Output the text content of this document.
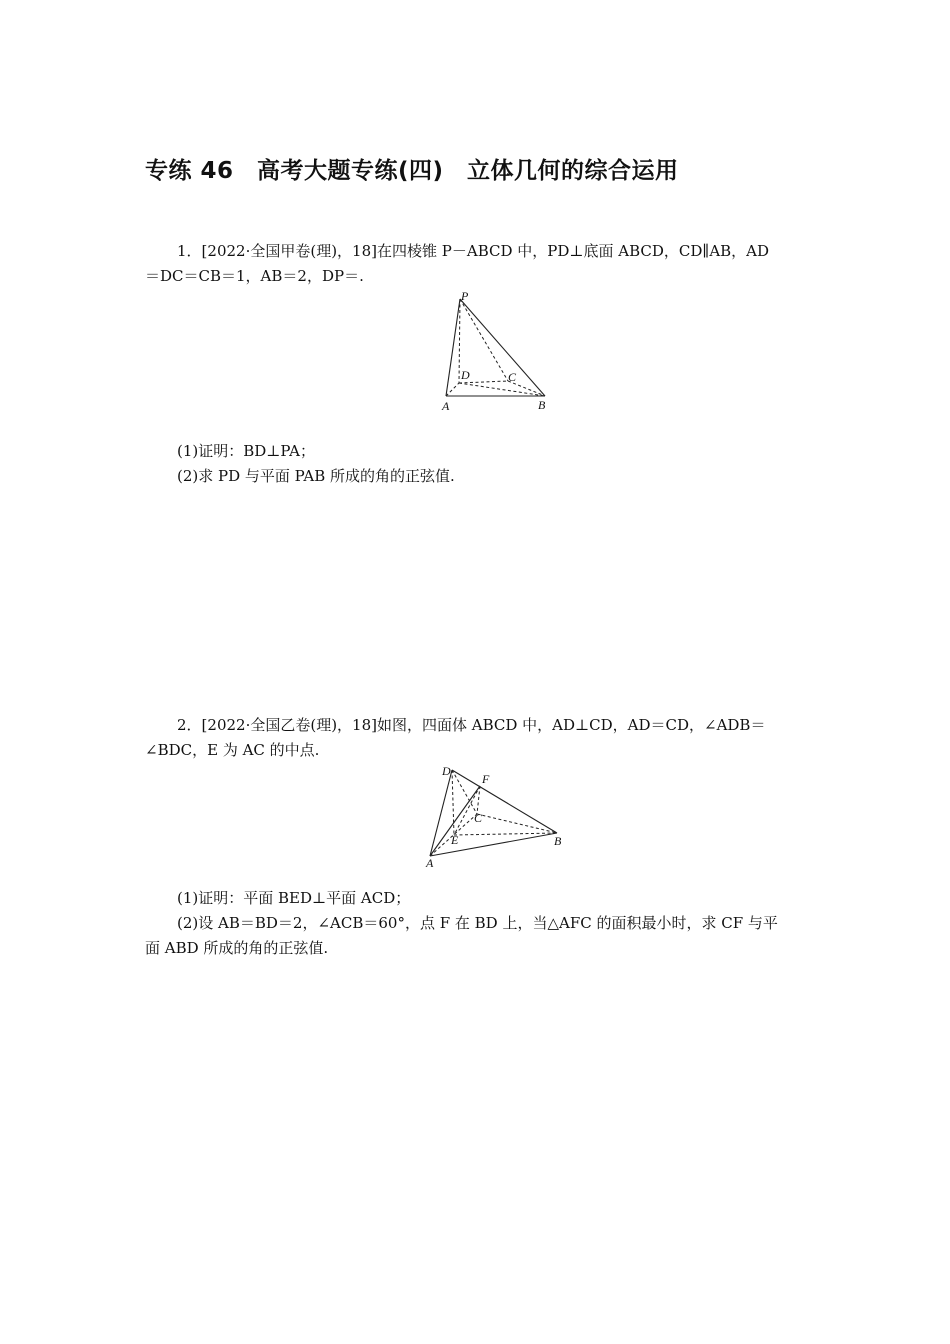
专练 46　高考大题专练(四)　立体几何的综合运用
1．[2022·全国甲卷(理)，18]在四棱锥 P－ABCD 中，PD⊥底面 ABCD，CD∥AB，AD
＝DC＝CB＝1，AB＝2，DP＝.
P
D	C
A	B
(1)证明：BD⊥PA；
(2)求 PD 与平面 PAB 所成的角的正弦值.
2．[2022·全国乙卷(理)，18]如图，四面体 ABCD 中，AD⊥CD，AD＝CD，∠ADB＝
∠BDC，E 为 AC 的中点.
D
F
C
E
A
B
(1)证明：平面 BED⊥平面 ACD；
(2)设 AB＝BD＝2，∠ACB＝60°，点 F 在 BD 上，当△AFC 的面积最小时，求 CF 与平
面 ABD 所成的角的正弦值.
